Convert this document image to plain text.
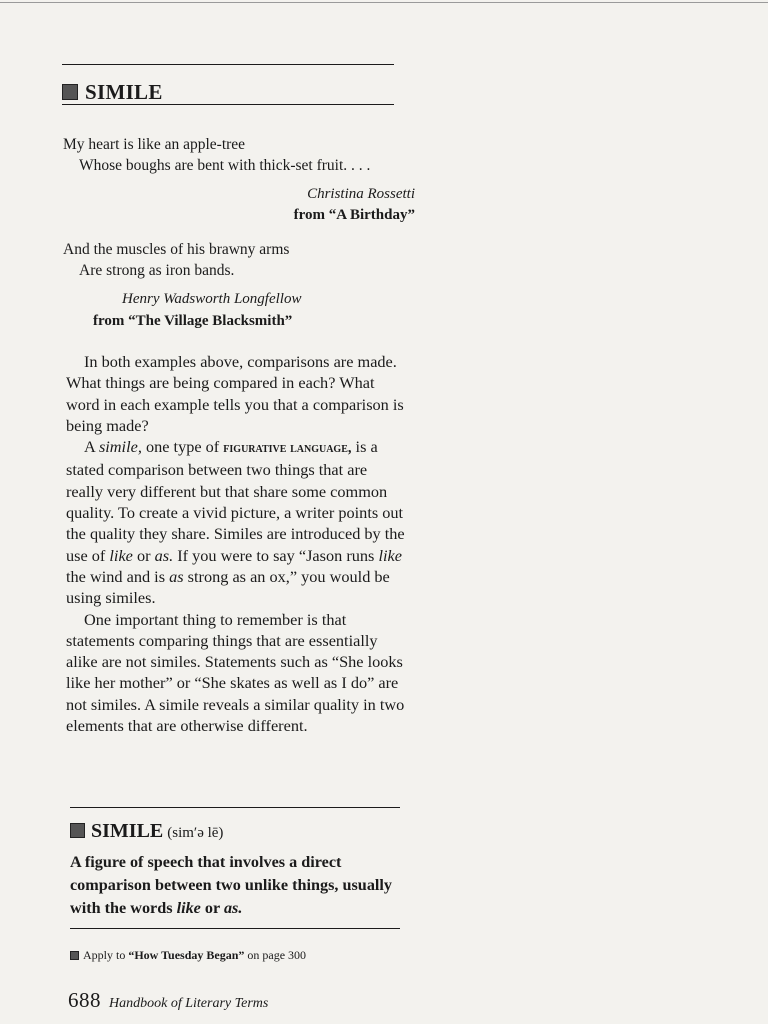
SIMILE
My heart is like an apple-tree
Whose boughs are bent with thick-set fruit. . . .
Christina Rossetti
from “A Birthday”
And the muscles of his brawny arms
Are strong as iron bands.
Henry Wadsworth Longfellow
from “The Village Blacksmith”

In both examples above, comparisons are made. What things are being compared in each? What word in each example tells you that a comparison is being made?

A simile, one type of figurative language, is a stated comparison between two things that are really very different but that share some common quality. To create a vivid picture, a writer points out the quality they share. Similes are introduced by the use of like or as. If you were to say “Jason runs like the wind and is as strong as an ox,” you would be using similes.

One important thing to remember is that statements comparing things that are essentially alike are not similes. Statements such as “She looks like her mother” or “She skates as well as I do” are not similes. A simile reveals a similar quality in two elements that are otherwise different.

SIMILE (sim′ə lē)
A figure of speech that involves a direct comparison between two unlike things, usually with the words like or as.
Apply to “How Tuesday Began” on page 300
688 Handbook of Literary Terms
